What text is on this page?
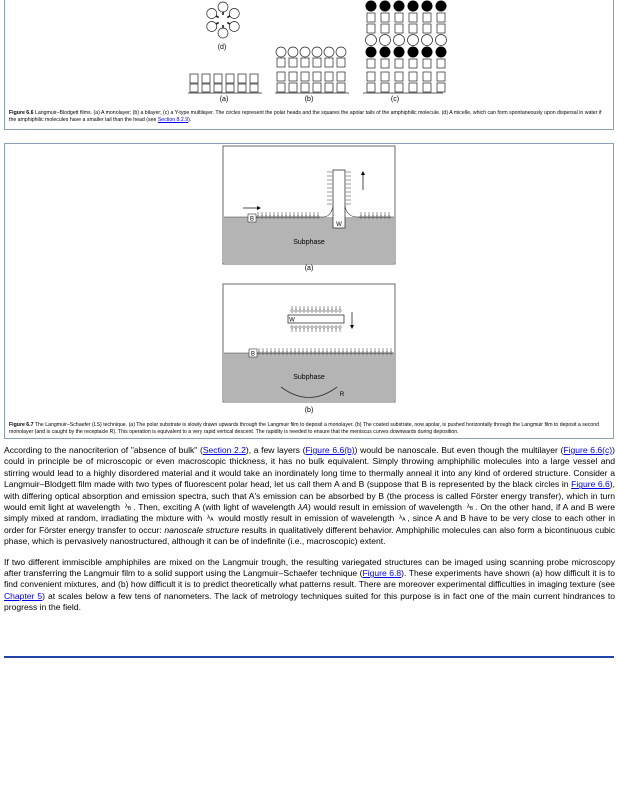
(d)
(a)	(b)	(c)
Figure 6.6 Langmuir–Blodgett films. (a) A monolayer; (b) a bilayer; (c) a Y-type multilayer. The circles represent the polar heads and the squares the apolar tails of the amphiphilic molecule. (d) A micelle, which can form spontaneously upon dispersal in water if the amphiphilic molecules have a smaller tail than the head (see Section 8.2.9).
B
W
Subphase
(a)
B
W
R
Subphase
(b)
Figure 6.7 The Langmuir–Schaefer (LS) technique. (a) The polar substrate is slowly drawn upwards through the Langmuir film to deposit a monolayer. (b) The coated substrate, now apolar, is pushed horizontally through the Langmuir film to deposit a second monolayer (and is caught by the receptacle R). This operation is equivalent to a very rapid vertical descent. The rapidity is needed to ensure that the meniscus curves downwards during deposition.

According to the nanocriterion of "absence of bulk" (Section 2.2), a few layers (Figure 6.6(b)) would be nanoscale. But even though the multilayer (Figure 6.6(c)) could in principle be of microscopic or even macroscopic thickness, it has no bulk equivalent. Simply throwing amphiphilic molecules into a large vessel and stirring would lead to a highly disordered material and it would take an inordinately long time to thermally anneal it into any kind of ordered structure. Consider a Langmuir–Blodgett film made with two types of fluorescent polar head, let us call them A and B (suppose that B is represented by the black circles in Figure 6.6), with differing optical absorption and emission spectra, such that A's emission can be absorbed by B (the process is called Förster energy transfer), which in turn would emit light at wavelength $\lambda_B$ . Then, exciting A (with light of wavelength λA) would result in emission of wavelength $\lambda_B$ . On the other hand, if A and B were simply mixed at random, irradiating the mixture with $\lambda_A$ would mostly result in emission of wavelength $\lambda_A$ , since A and B have to be very close to each other in order for Förster energy transfer to occur: nanoscale structure results in qualitatively different behavior. Amphiphilic molecules can also form a bicontinuous cubic phase, which is pervasively nanostructured, although it can be of indefinite (i.e., macroscopic) extent.

If two different immiscible amphiphiles are mixed on the Langmuir trough, the resulting variegated structures can be imaged using scanning probe microscopy after transferring the Langmuir film to a solid support using the Langmuir–Schaefer technique (Figure 6.8). These experiments have shown (a) how difficult it is to find convenient mixtures, and (b) how difficult it is to predict theoretically what patterns result. There are moreover experimental difficulties in imaging texture (see Chapter 5) at scales below a few tens of nanometers. The lack of metrology techniques suited for this purpose is in fact one of the main current hindrances to progress in the field.
